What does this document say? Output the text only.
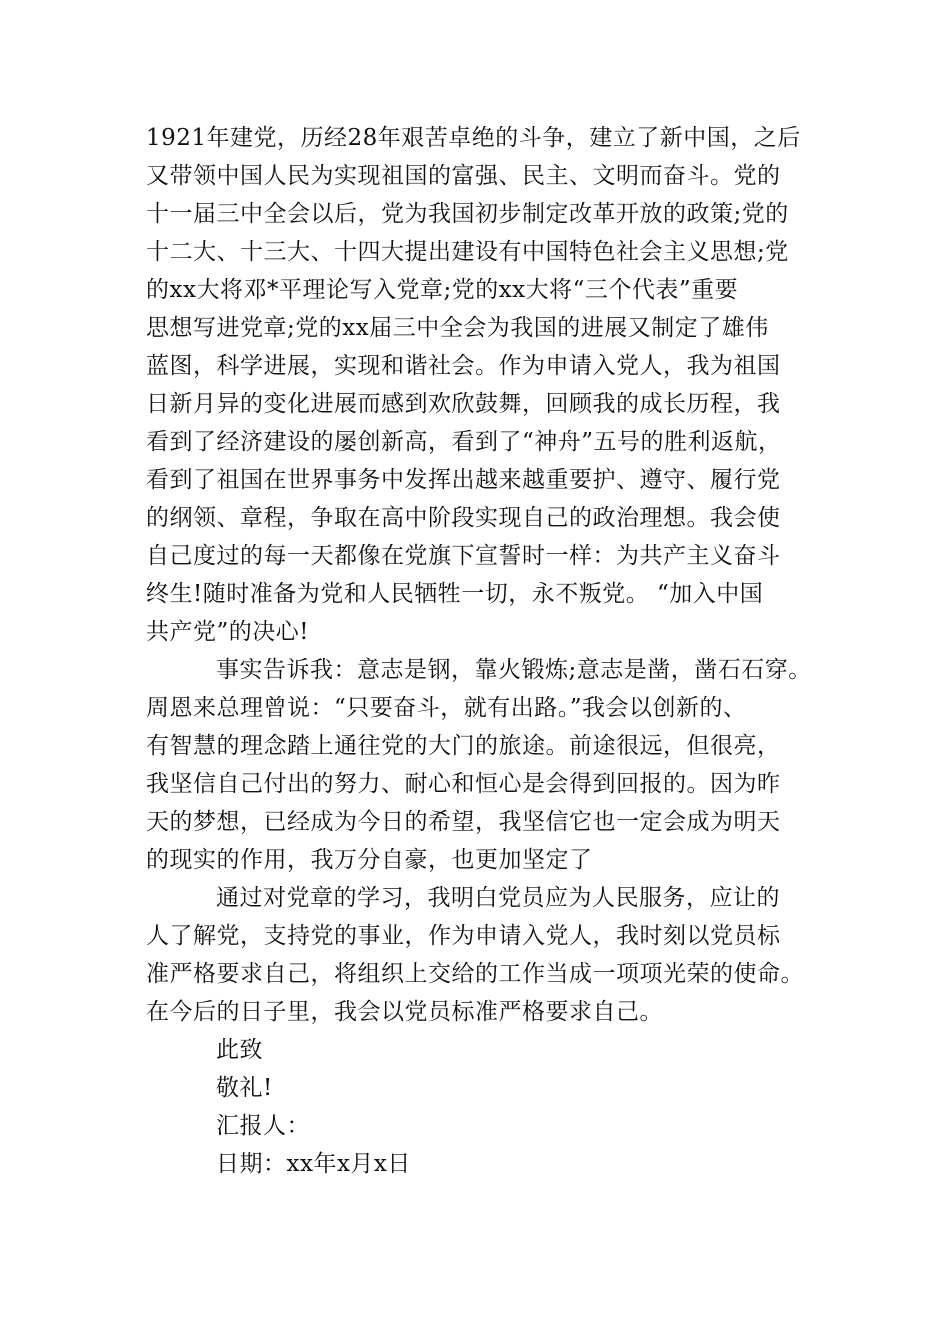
1921年建党，历经28年艰苦卓绝的斗争，建立了新中国，之后
又带领中国人民为实现祖国的富强、民主、文明而奋斗。党的
十一届三中全会以后，党为我国初步制定改革开放的政策;党的
十二大、十三大、十四大提出建设有中国特色社会主义思想;党
的xx大将邓*平理论写入党章;党的xx大将“三个代表”重要
思想写进党章;党的xx届三中全会为我国的进展又制定了雄伟
蓝图，科学进展，实现和谐社会。作为申请入党人，我为祖国
日新月异的变化进展而感到欢欣鼓舞，回顾我的成长历程，我
看到了经济建设的屡创新高，看到了“神舟”五号的胜利返航，
看到了祖国在世界事务中发挥出越来越重要护、遵守、履行党
的纲领、章程，争取在高中阶段实现自己的政治理想。我会使
自己度过的每一天都像在党旗下宣誓时一样：为共产主义奋斗
终生!随时准备为党和人民牺牲一切，永不叛党。 “加入中国
共产党”的决心!
事实告诉我：意志是钢，靠火锻炼;意志是凿，凿石石穿。
周恩来总理曾说：“只要奋斗，就有出路。”我会以创新的、
有智慧的理念踏上通往党的大门的旅途。前途很远，但很亮，
我坚信自己付出的努力、耐心和恒心是会得到回报的。因为昨
天的梦想，已经成为今日的希望，我坚信它也一定会成为明天
的现实的作用，我万分自豪，也更加坚定了
通过对党章的学习，我明白党员应为人民服务，应让的
人了解党，支持党的事业，作为申请入党人，我时刻以党员标
准严格要求自己，将组织上交给的工作当成一项项光荣的使命。
在今后的日子里，我会以党员标准严格要求自己。
此致
敬礼!
汇报人：
日期：xx年x月x日
